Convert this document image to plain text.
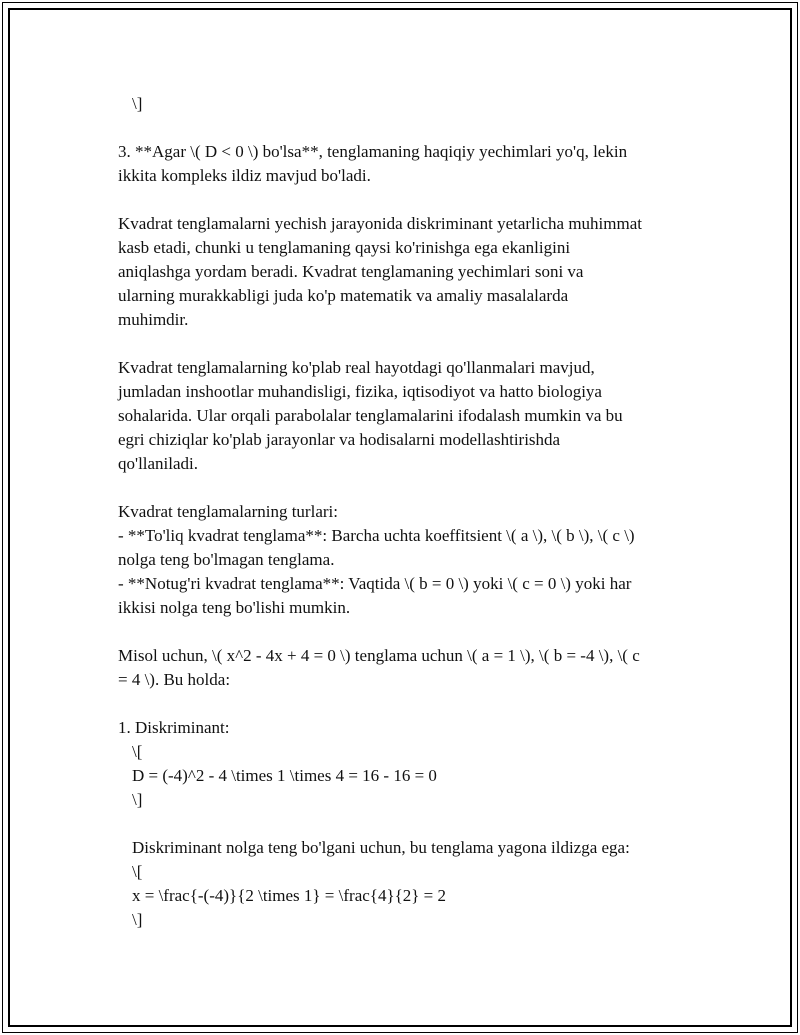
\]
3. **Agar \( D < 0 \) bo'lsa**, tenglamaning haqiqiy yechimlari yo'q, lekin
ikkita kompleks ildiz mavjud bo'ladi.
Kvadrat tenglamalarni yechish jarayonida diskriminant yetarlicha muhimmat
kasb etadi, chunki u tenglamaning qaysi ko'rinishga ega ekanligini
aniqlashga yordam beradi. Kvadrat tenglamaning yechimlari soni va
ularning murakkabligi juda ko'p matematik va amaliy masalalarda
muhimdir.
Kvadrat tenglamalarning ko'plab real hayotdagi qo'llanmalari mavjud,
jumladan inshootlar muhandisligi, fizika, iqtisodiyot va hatto biologiya
sohalarida. Ular orqali parabolalar tenglamalarini ifodalash mumkin va bu
egri chiziqlar ko'plab jarayonlar va hodisalarni modellashtirishda
qo'llaniladi.
Kvadrat tenglamalarning turlari:
- **To'liq kvadrat tenglama**: Barcha uchta koeffitsient \( a \), \( b \), \( c \)
nolga teng bo'lmagan tenglama.
- **Notug'ri kvadrat tenglama**: Vaqtida \( b = 0 \) yoki \( c = 0 \) yoki har
ikkisi nolga teng bo'lishi mumkin.
Misol uchun, \( x^2 - 4x + 4 = 0 \) tenglama uchun \( a = 1 \), \( b = -4 \), \( c
= 4 \). Bu holda:
1. Diskriminant:
\[
D = (-4)^2 - 4 \times 1 \times 4 = 16 - 16 = 0
\]
Diskriminant nolga teng bo'lgani uchun, bu tenglama yagona ildizga ega:
\[
x = \frac{-(-4)}{2 \times 1} = \frac{4}{2} = 2
\]
